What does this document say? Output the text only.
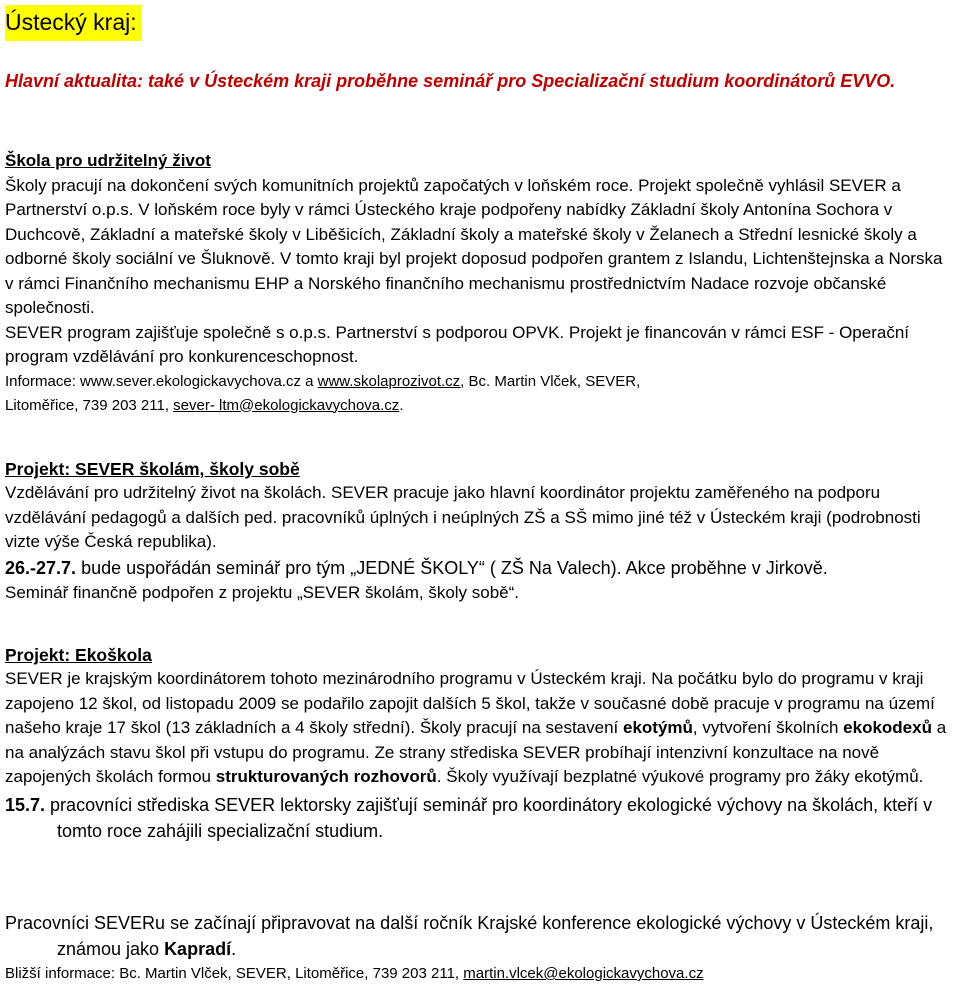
Ústecký kraj:
Hlavní aktualita: také v Ústeckém kraji proběhne seminář pro Specializační studium koordinátorů EVVO.
Škola pro udržitelný život
Školy pracují na dokončení svých komunitních projektů započatých v loňském roce. Projekt společně vyhlásil SEVER a Partnerství o.p.s. V loňském roce byly v rámci Ústeckého kraje podpořeny nabídky Základní školy Antonína Sochora v Duchcově, Základní a mateřské školy v Liběšicích, Základní školy a mateřské školy v Želanech a Střední lesnické školy a odborné školy sociální ve Šluknově. V tomto kraji byl projekt doposud podpořen grantem z Islandu, Lichtenštejnska a Norska v rámci Finančního mechanismu EHP a Norského finančního mechanismu prostřednictvím Nadace rozvoje občanské společnosti.
SEVER program zajišťuje společně s o.p.s. Partnerství s podporou OPVK. Projekt je financován v rámci ESF - Operační program vzdělávání pro konkurenceschopnost.
Informace: www.sever.ekologickavychova.cz a www.skolaprozivot.cz, Bc. Martin Vlček, SEVER,
Litoměřice, 739 203 211, sever- ltm@ekologickavychova.cz.
Projekt: SEVER školám, školy sobě
Vzdělávání pro udržitelný život na školách. SEVER pracuje jako hlavní koordinátor projektu zaměřeného na podporu vzdělávání pedagogů a dalších ped. pracovníků úplných i neúplných ZŠ a SŠ mimo jiné též v Ústeckém kraji (podrobnosti vizte výše Česká republika).
26.-27.7. bude uspořádán seminář pro tým „JEDNÉ ŠKOLY“ ( ZŠ Na Valech). Akce proběhne v Jirkově.
Seminář finančně podpořen z projektu „SEVER školám, školy sobě“.
Projekt: Ekoškola
SEVER je krajským koordinátorem tohoto mezinárodního programu v Ústeckém kraji. Na počátku bylo do programu v kraji zapojeno 12 škol, od listopadu 2009 se podařilo zapojit dalších 5 škol, takže v současné době pracuje v programu na území našeho kraje 17 škol (13 základních a 4 školy střední). Školy pracují na sestavení ekotýmů, vytvoření školních ekokodexů a na analýzách stavu škol při vstupu do programu. Ze strany střediska SEVER probíhají intenzivní konzultace na nově zapojených školách formou strukturovaných rozhovorů. Školy využívají bezplatné výukové programy pro žáky ekotýmů.
15.7. pracovníci střediska SEVER lektorsky zajišťují seminář pro koordinátory ekologické výchovy na školách, kteří v tomto roce zahájili specializační studium.
Pracovníci SEVERu se začínají připravovat na další ročník Krajské konference ekologické výchovy v Ústeckém kraji, známou jako Kapradí.
Bližší informace: Bc. Martin Vlček, SEVER, Litoměřice, 739 203 211, martin.vlcek@ekologickavychova.cz
